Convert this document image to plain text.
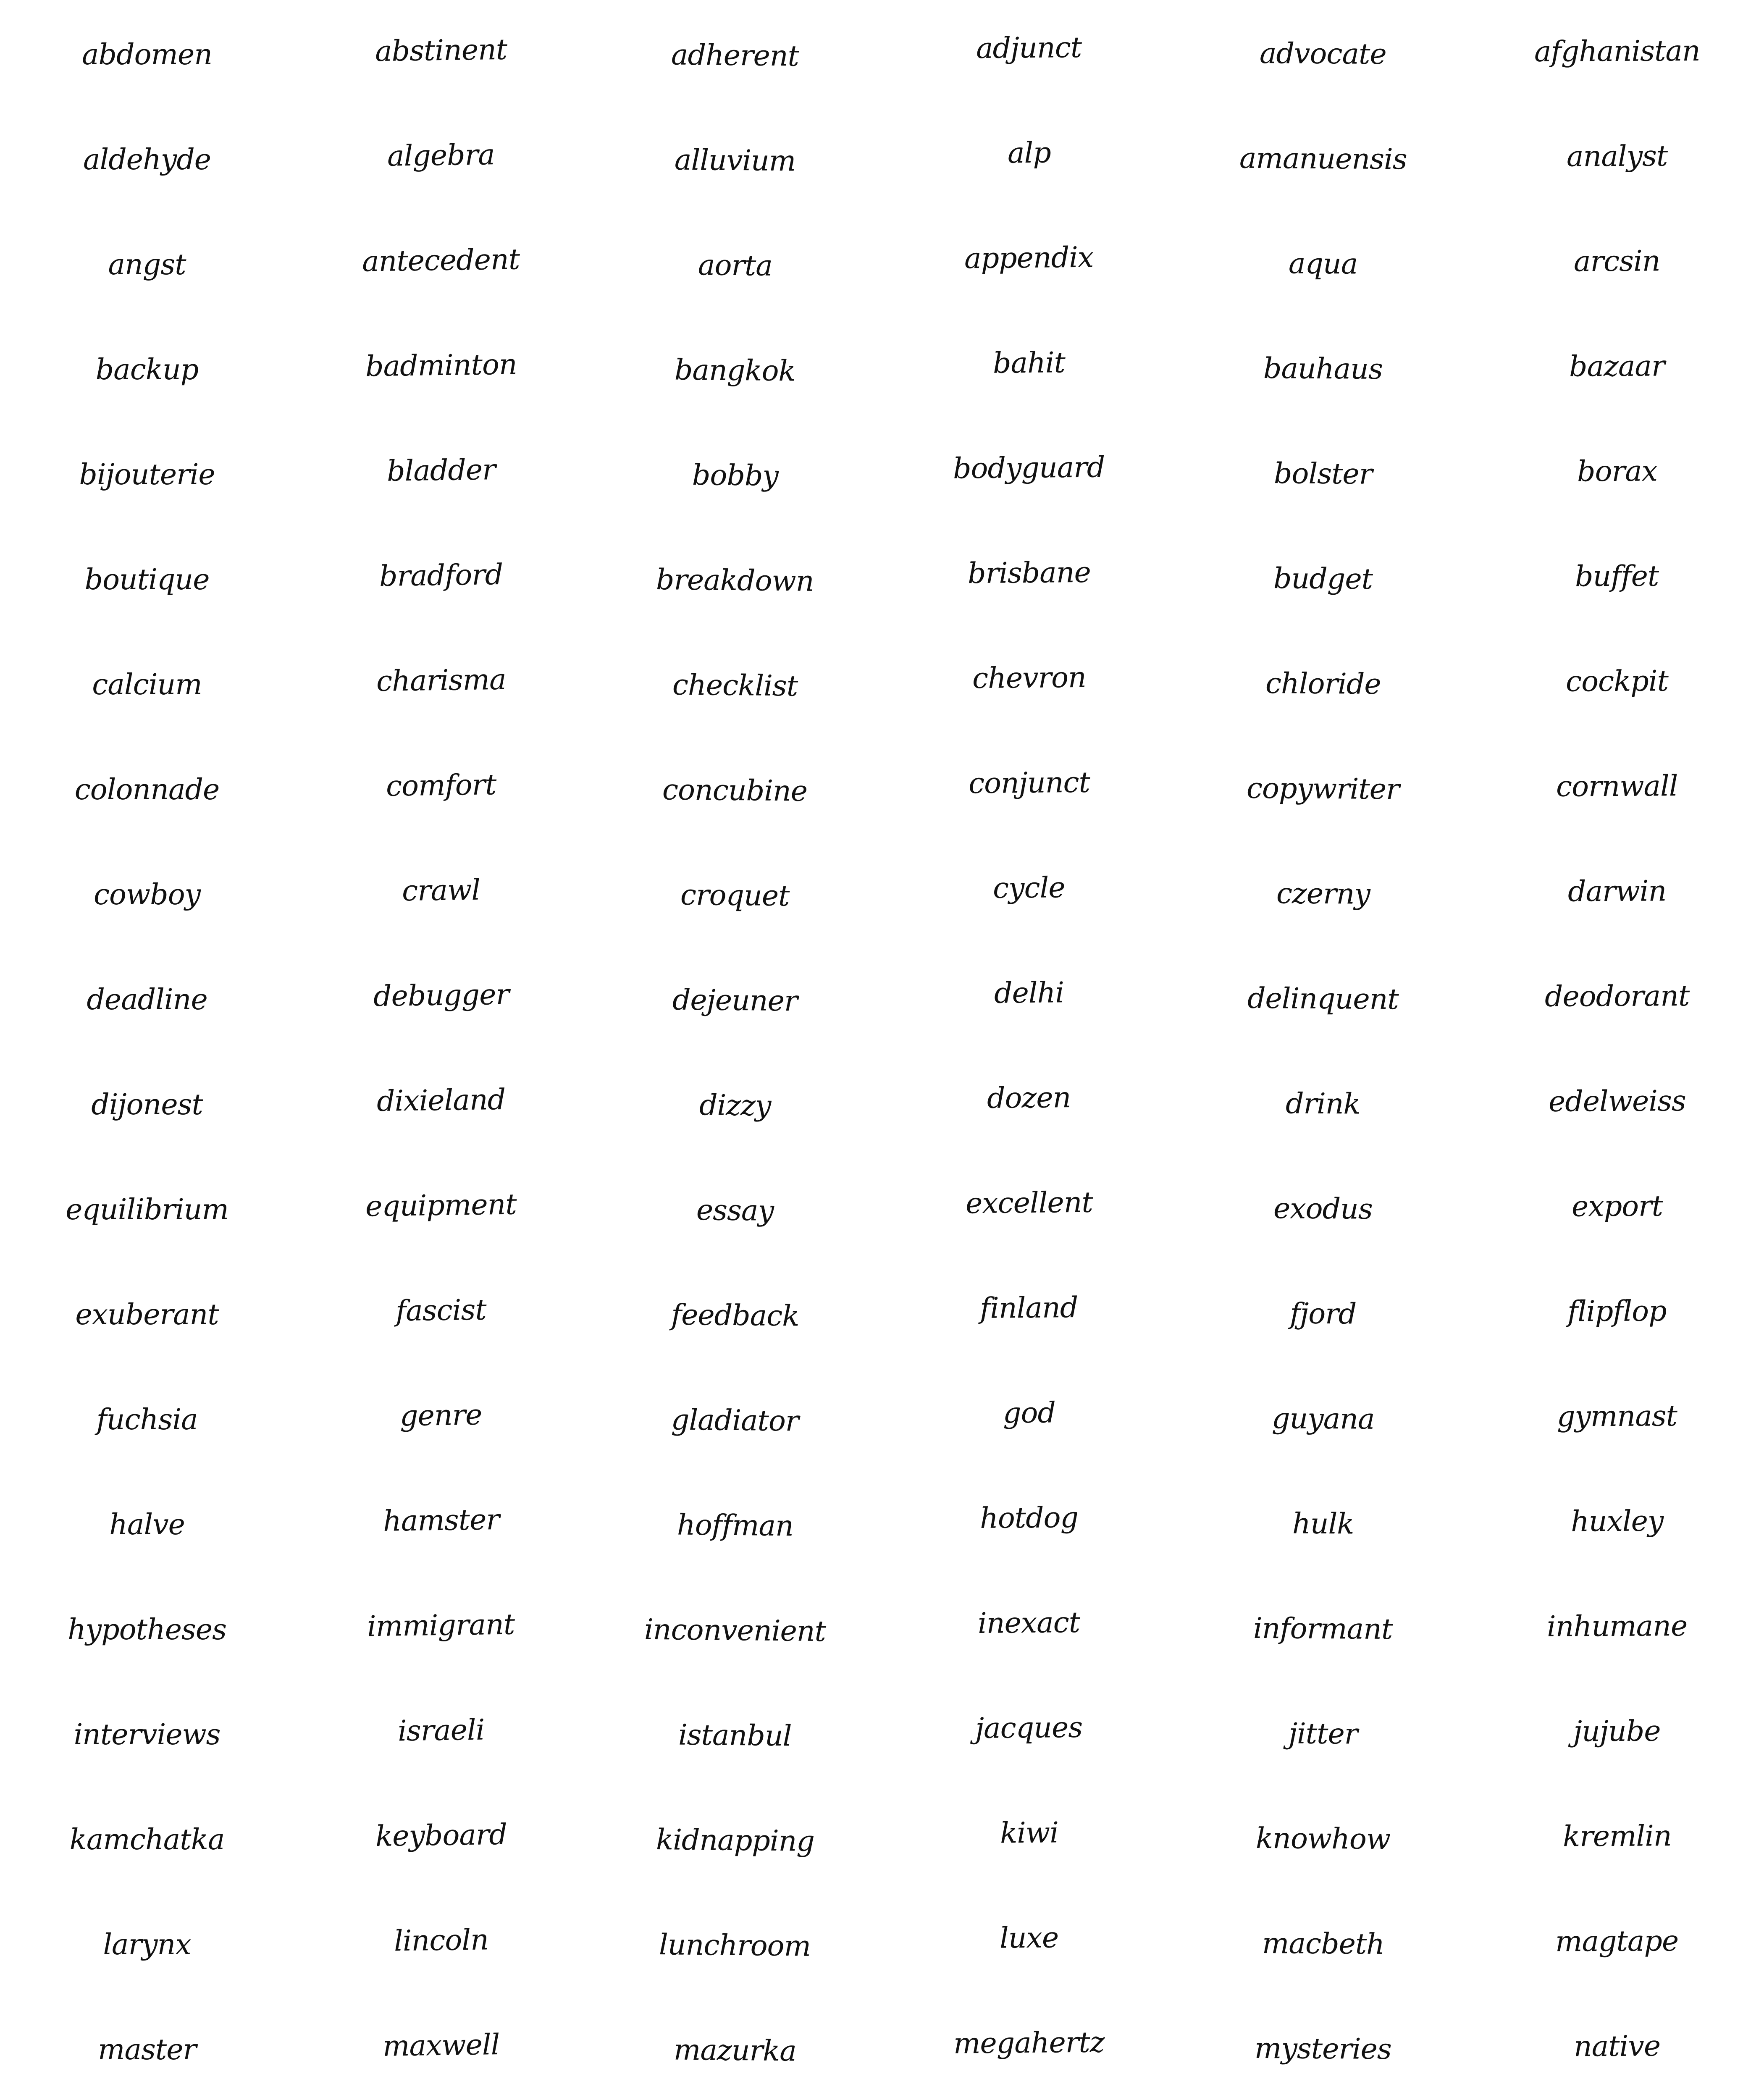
abdomen	abstinent	adherent	adjunct	advocate	afghanistan
aldehyde	algebra	alluvium	alp	amanuensis	analyst
angst	antecedent	aorta	appendix	aqua	arcsin
backup	badminton	bangkok	bahit	bauhaus	bazaar
bijouterie	bladder	bobby	bodyguard	bolster	borax
boutique	bradford	breakdown	brisbane	budget	buffet
calcium	charisma	checklist	chevron	chloride	cockpit
colonnade	comfort	concubine	conjunct	copywriter	cornwall
cowboy	crawl	croquet	cycle	czerny	darwin
deadline	debugger	dejeuner	delhi	delinquent	deodorant
dijonest	dixieland	dizzy	dozen	drink	edelweiss
equilibrium	equipment	essay	excellent	exodus	export
exuberant	fascist	feedback	finland	fjord	flipflop
fuchsia	genre	gladiator	god	guyana	gymnast
halve	hamster	hoffman	hotdog	hulk	huxley
hypotheses	immigrant	inconvenient	inexact	informant	inhumane
interviews	israeli	istanbul	jacques	jitter	jujube
kamchatka	keyboard	kidnapping	kiwi	knowhow	kremlin
larynx	lincoln	lunchroom	luxe	macbeth	magtape
master	maxwell	mazurka	megahertz	mysteries	native
